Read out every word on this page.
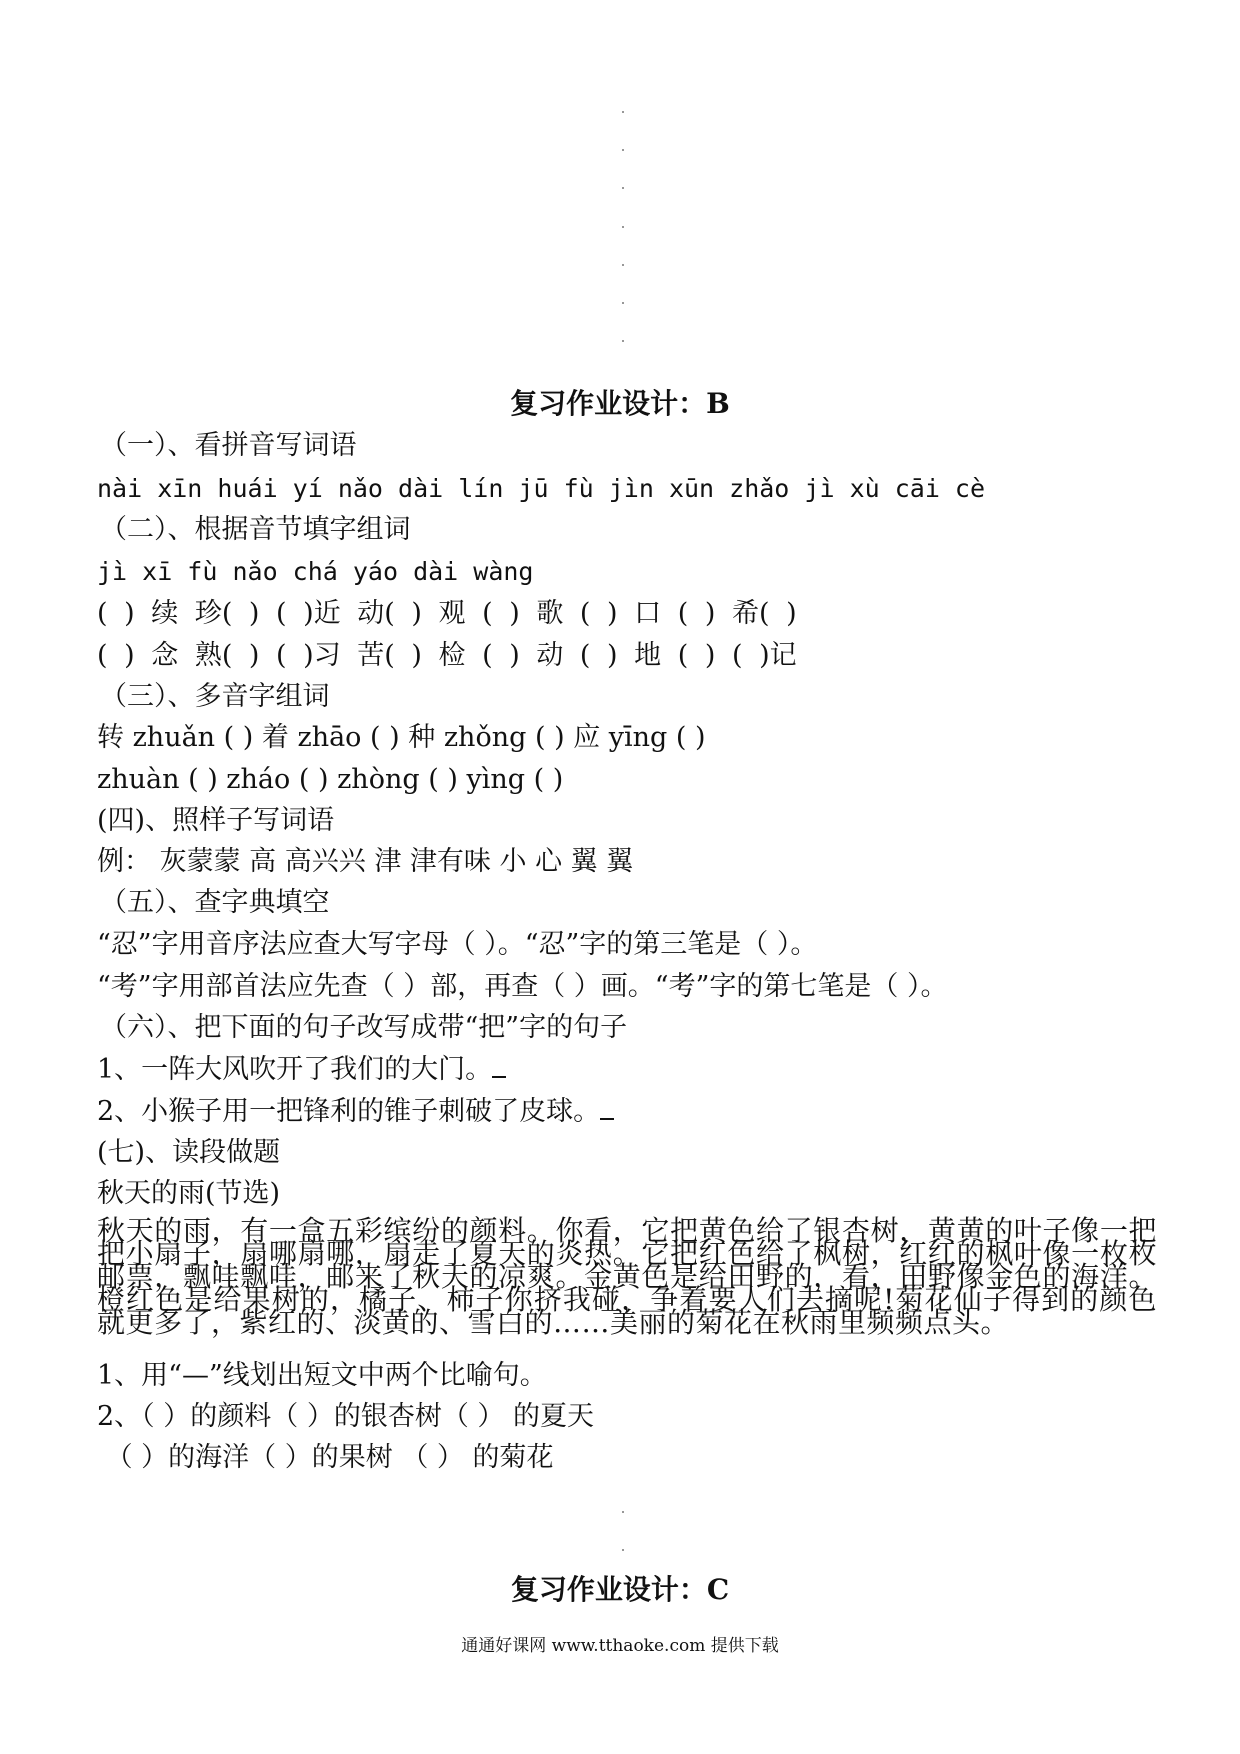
复习作业设计：B
（一）、看拼音写词语
nài xīn huái yí nǎo dài lín jū fù jìn xūn zhǎo jì xù cāi cè
（二）、根据音节填字组词
jì xī fù nǎo chá yáo dài wàng
( ) 续 珍( ) ( )近 动( ) 观 ( ) 歌 ( ) 口 ( ) 希( )
( ) 念 熟( ) ( )习 苦( ) 检 ( ) 动 ( ) 地 ( ) ( )记
（三）、多音字组词
转 zhuǎn ( ) 着 zhāo ( ) 种 zhǒng ( ) 应 yīng ( )
zhuàn ( ) zháo ( ) zhòng ( ) yìng ( )
(四)、照样子写词语
例： 灰蒙蒙 高 高兴兴 津 津有味 小 心 翼 翼
（五）、查字典填空
“忍”字用音序法应查大写字母（ ）。“忍”字的第三笔是（ ）。
“考”字用部首法应先查（ ）部，再查（ ）画。“考”字的第七笔是（ ）。
（六）、把下面的句子改写成带“把”字的句子
1、一阵大风吹开了我们的大门。
2、小猴子用一把锋利的锥子刺破了皮球。
(七)、读段做题
秋天的雨(节选)
秋天的雨，有一盒五彩缤纷的颜料。你看，它把黄色给了银杏树，黄黄的叶子像一把把小扇子，扇哪扇哪，扇走了夏天的炎热。它把红色给了枫树，红红的枫叶像一枚枚邮票，飘哇飘哇，邮来了秋天的凉爽。金黄色是给田野的，看，田野像金色的海洋。橙红色是给果树的，橘子、柿子你挤我碰，争着要人们去摘呢!菊花仙子得到的颜色就更多了，紫红的、淡黄的、雪白的……美丽的菊花在秋雨里频频点头。
1、用“—”线划出短文中两个比喻句。
2、（ ）的颜料（ ）的银杏树（ ） 的夏天
（ ）的海洋（ ）的果树 （ ） 的菊花
复习作业设计：C
通通好课网 www.tthaoke.com 提供下载
